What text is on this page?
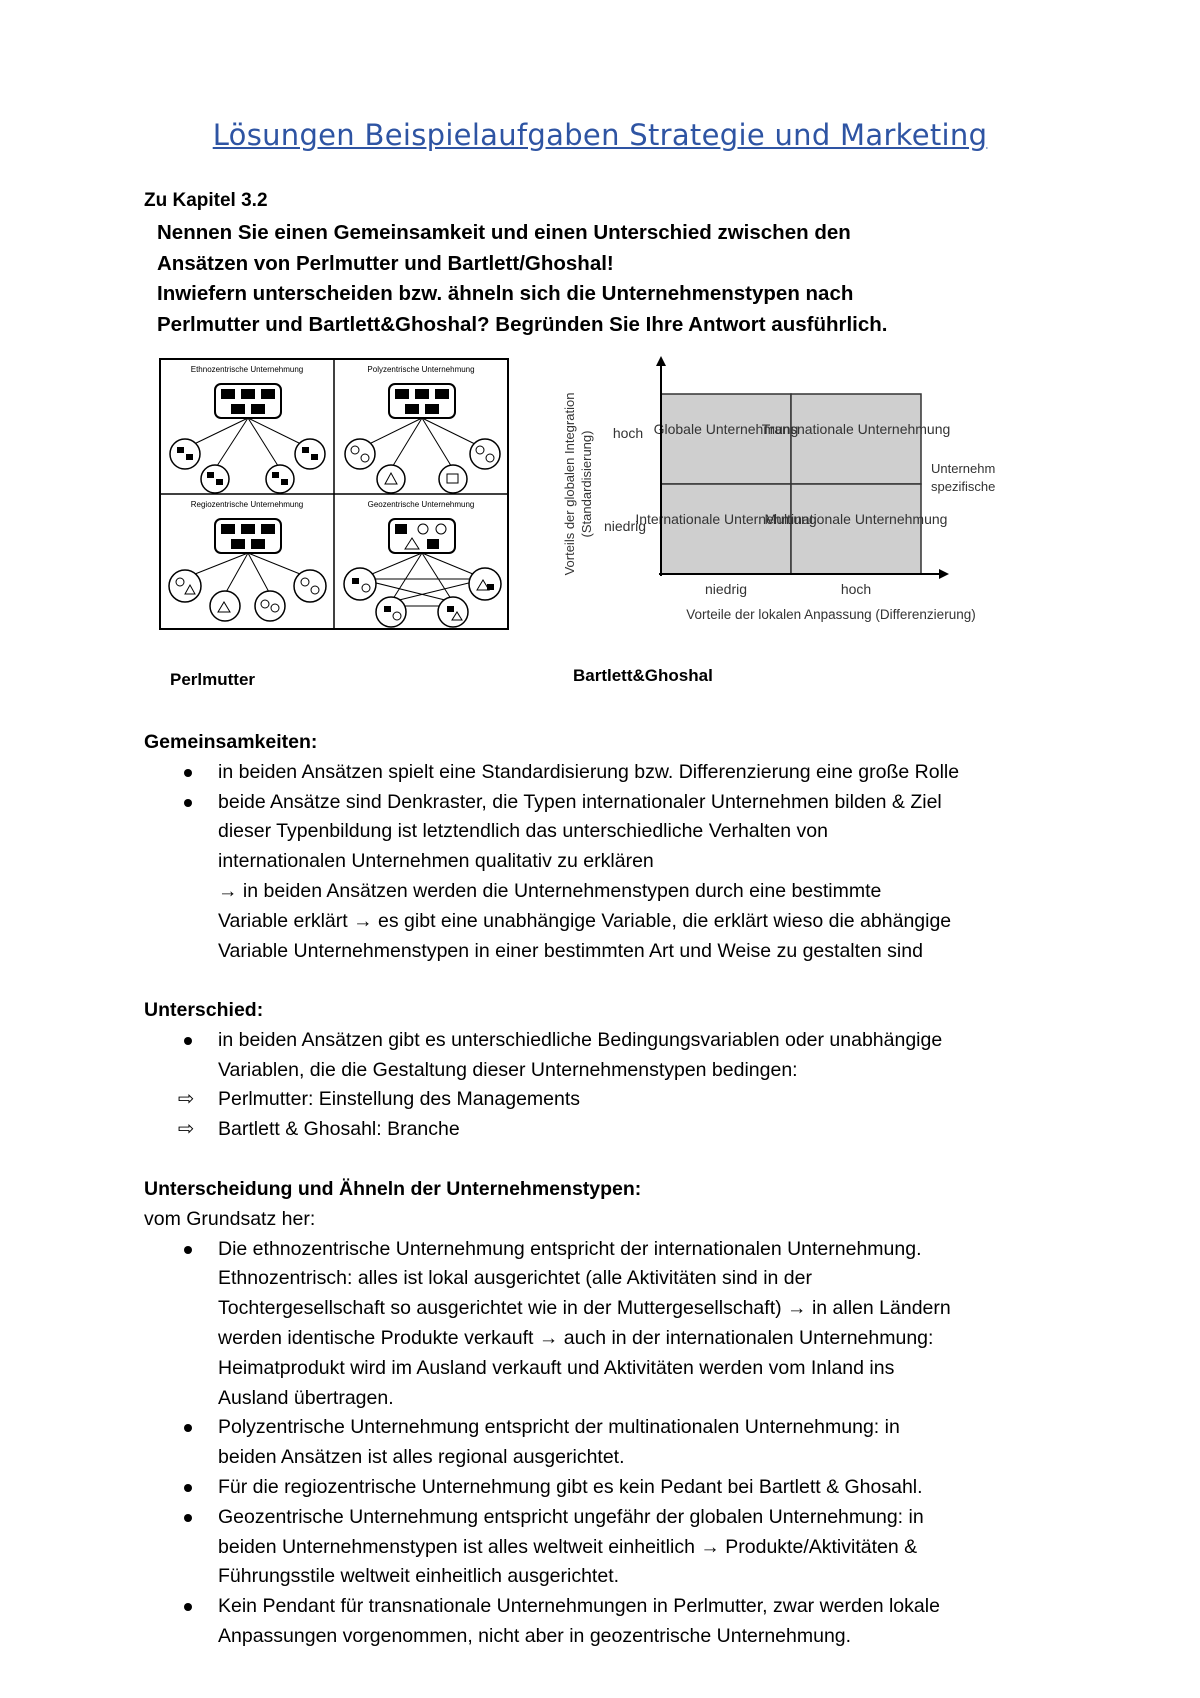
Lösungen Beispielaufgaben Strategie und Marketing
Zu Kapitel 3.2
Nennen Sie einen Gemeinsamkeit und einen Unterschied zwischen den
Ansätzen von Perlmutter und Bartlett/Ghoshal!
Inwiefern unterscheiden bzw. ähneln sich die Unternehmenstypen nach
Perlmutter und Bartlett&Ghoshal? Begründen Sie Ihre Antwort ausführlich.
Ethnozentrische Unternehmung	Polyzentrische Unternehmung
Regiozentrische Unternehmung	Geozentrische Unternehmung
Globale Unternehmung
Transnationale Unternehmung
Internationale Unternehmung
Multinationale Unternehmung
hoch
niedrig
niedrig	hoch
Vorteile der lokalen Anpassung (Differenzierung)
Vorteils der globalen Integration (Standardisierung)	Unternehm
spezifische
Perlmutter	Bartlett&Ghoshal
Gemeinsamkeiten:
in beiden Ansätzen spielt eine Standardisierung bzw. Differenzierung eine große Rolle
beide Ansätze sind Denkraster, die Typen internationaler Unternehmen bilden & Ziel
dieser Typenbildung ist letztendlich das unterschiedliche Verhalten von
internationalen Unternehmen qualitativ zu erklären
→ in beiden Ansätzen werden die Unternehmenstypen durch eine bestimmte
Variable erklärt → es gibt eine unabhängige Variable, die erklärt wieso die abhängige
Variable Unternehmenstypen in einer bestimmten Art und Weise zu gestalten sind
Unterschied:
in beiden Ansätzen gibt es unterschiedliche Bedingungsvariablen oder unabhängige
Variablen, die die Gestaltung dieser Unternehmenstypen bedingen:
⇨	Perlmutter: Einstellung des Managements
⇨	Bartlett & Ghosahl: Branche
Unterscheidung und Ähneln der Unternehmenstypen:
vom Grundsatz her:
Die ethnozentrische Unternehmung entspricht der internationalen Unternehmung.
Ethnozentrisch: alles ist lokal ausgerichtet (alle Aktivitäten sind in der
Tochtergesellschaft so ausgerichtet wie in der Muttergesellschaft) → in allen Ländern
werden identische Produkte verkauft → auch in der internationalen Unternehmung:
Heimatprodukt wird im Ausland verkauft und Aktivitäten werden vom Inland ins
Ausland übertragen.
Polyzentrische Unternehmung entspricht der multinationalen Unternehmung: in
beiden Ansätzen ist alles regional ausgerichtet.
Für die regiozentrische Unternehmung gibt es kein Pedant bei Bartlett & Ghosahl.
Geozentrische Unternehmung entspricht ungefähr der globalen Unternehmung: in
beiden Unternehmenstypen ist alles weltweit einheitlich → Produkte/Aktivitäten &
Führungsstile weltweit einheitlich ausgerichtet.
Kein Pendant für transnationale Unternehmungen in Perlmutter, zwar werden lokale
Anpassungen vorgenommen, nicht aber in geozentrische Unternehmung.
